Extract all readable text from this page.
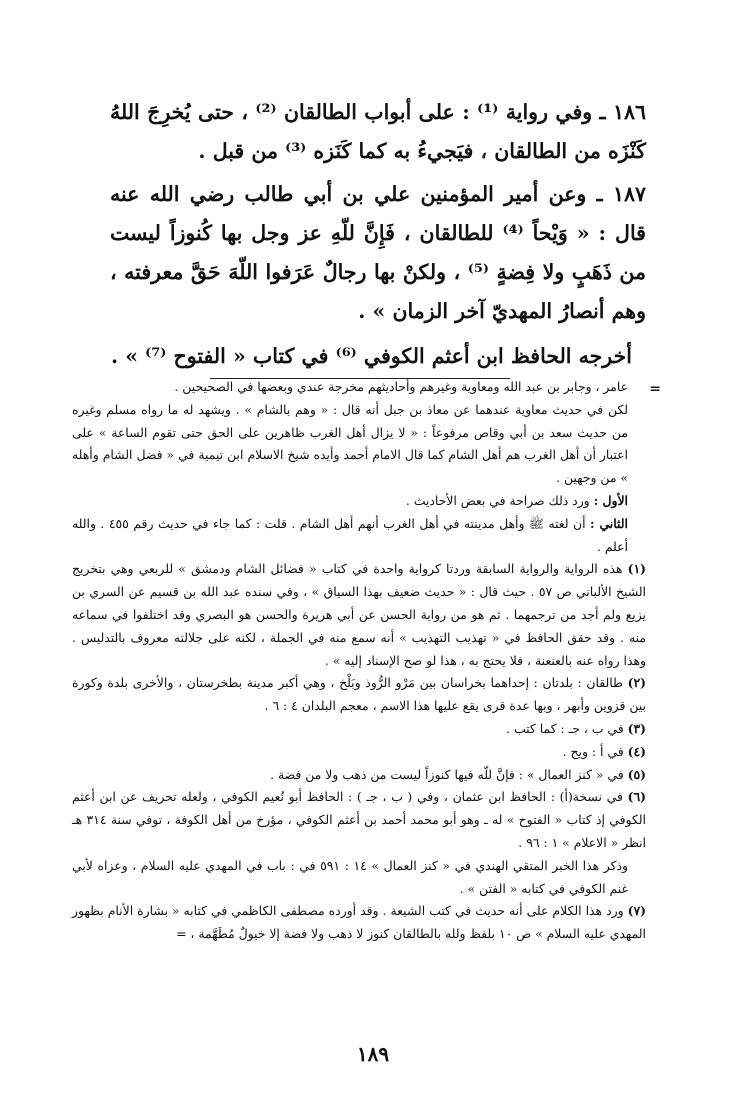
١٨٦ ـ وفي رواية ⁽¹⁾ : على أبواب الطالقان ⁽²⁾ ، حتى يُخرِجَ اللهُ كَنْزَه من الطالقان ، فيَجيءُ به كما كَنَزه ⁽³⁾ من قبل .

١٨٧ ـ وعن أمير المؤمنين علي بن أبي طالب رضي الله عنه قال : « وَيْحاً ⁽⁴⁾ للطالقان ، فَإِنَّ للّهِ عز وجل بها كُنوزاً ليست من ذَهَبٍ ولا فِضةٍ ⁽⁵⁾ ، ولكنْ بها رجالٌ عَرَفوا اللّهَ حَقَّ معرفته ، وهم أنصارُ المهديّ آخر الزمان » .

أخرجه الحافظ ابن أعثم الكوفي ⁽⁶⁾ في كتاب « الفتوح ⁽⁷⁾ » .

=

عامر ، وجابر بن عبد الله ومعاوية وغيرهم وأحاديثهم مخرجة عندي وبعضها في الصحيحين .

لكن في حديث معاوية عندهما عن معاذ بن جبل أنه قال : « وهم بالشام » . ويشهد له ما رواه مسلم وغيره من حديث سعد بن أبي وقاص مرفوعاً : « لا يزال أهل الغرب ظاهرين على الحق حتى تقوم الساعة » على اعتبار أن أهل الغرب هم أهل الشام كما قال الامام أحمد وأيده شيخ الاسلام ابن تيمية في « فضل الشام وأهله » من وجهين .

الأول : ورد ذلك صراحة في بعض الأحاديث .

الثاني : أن لغته ﷺ وأهل مدينته في أهل الغرب أنهم أهل الشام . قلت : كما جاء في حديث رقم ٤٥٥ . والله أعلم .

(١) هذه الرواية والرواية السابقة وردتا كرواية واحدة في كتاب « فضائل الشام ودمشق » للربعي وهي بتخريج الشيخ الألباني ص ٥٧ . حيث قال : « حديث ضعيف بهذا السياق » ، وفي سنده عبد الله بن قسيم عن السري بن يزيع ولم أجد من ترجمهما . ثم هو من رواية الحسن عن أبي هريرة والحسن هو البصري وقد اختلفوا في سماعه منه . وقد حقق الحافظ في « تهذيب التهذيب » أنه سمع منه في الجملة ، لكنه على جلالته معروف بالتدليس . وهذا رواه عنه بالعنعنة ، فلا يحتج به ، هذا لو صح الإسناد إليه » .

(٢) طالقان : بلدتان : إحداهما بخراسان بين مَرْو الرُّوذ وبَلْخ ، وهي أكبر مدينة بطخرستان ، والأخرى بلدة وكورة بين قزوين وأبهر ، وبها عدة قرى يقع عليها هذا الاسم ، معجم البلدان ٤ : ٦ .

(٣) في ب ، جـ : كما كتب .

(٤) في أ : ويح .

(٥) في « كنز العمال » : فإنَّ للّه فيها كنوزاً ليست من ذهب ولا من فضة .

(٦) في نسخة(أ) : الحافظ ابن عثمان ، وفي ( ب ، جـ ) : الحافظ أبو نُعيم الكوفي ، ولعله تحريف عن ابن أعثم الكوفي إذ كتاب « الفتوح » له ـ وهو أبو محمد أحمد بن أعثم الكوفي ، مؤرخ من أهل الكوفة ، توفي سنة ٣١٤ هـ انظر « الاعلام » ١ : ٩٦ .

وذكر هذا الخبر المتقي الهندي في « كنز العمال » ١٤ : ٥٩١ في : باب في المهدي عليه السلام ، وعزاه لأبي غنم الكوفي في كتابه « الفتن » .

(٧) ورد هذا الكلام على أنه حديث في كتب الشيعة . وقد أورده مصطفى الكاظمي في كتابه « بشارة الأنام بظهور المهدي عليه السلام » ص ١٠ بلفظ ولله بالطالقان كنوز لا ذهب ولا فضة إلا خيولٌ مُطَهَّمة ، =

١٨٩
